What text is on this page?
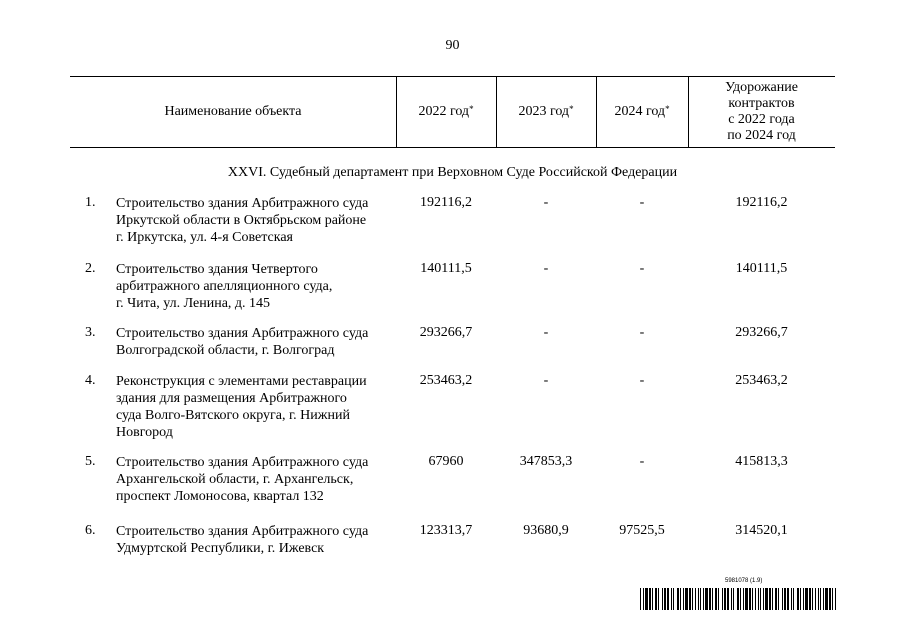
90
Наименование объекта	2022 год*	2023 год*	2024 год*
Удорожание
контрактов
с 2022 года
по 2024 год
XXVI. Судебный департамент при Верховном Суде Российской Федерации
1. Строительство здания Арбитражного суда
Иркутской области в Октябрьском районе
г. Иркутска, ул. 4-я Советская
192116,2	-	-	192116,2
2. Строительство здания Четвертого
арбитражного апелляционного суда,
г. Чита, ул. Ленина, д. 145
140111,5	-	-	140111,5
3. Строительство здания Арбитражного суда
Волгоградской области, г. Волгоград
293266,7	-	-	293266,7
4. Реконструкция с элементами реставрации
здания для размещения Арбитражного
суда Волго-Вятского округа, г. Нижний
Новгород
253463,2	-	-	253463,2
5. Строительство здания Арбитражного суда
Архангельской области, г. Архангельск,
проспект Ломоносова, квартал 132
67960	347853,3	-	415813,3
6. Строительство здания Арбитражного суда
Удмуртской Республики, г. Ижевск
123313,7	93680,9	97525,5	314520,1
5981078 (1.9)
